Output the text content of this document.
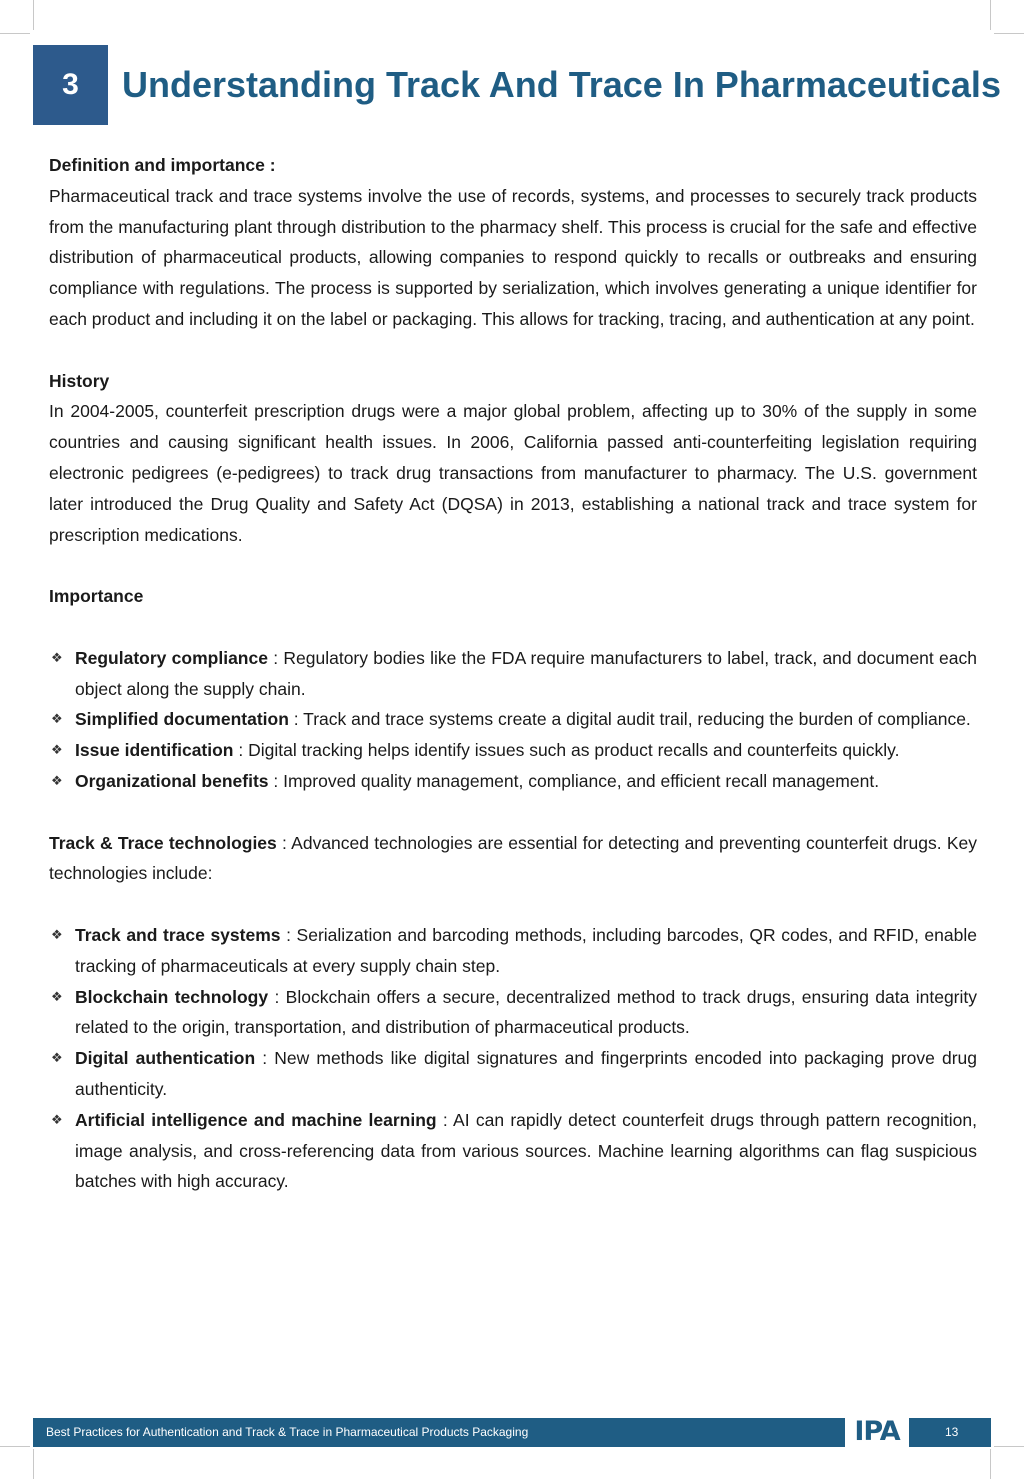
3	Understanding Track And Trace In Pharmaceuticals

Definition and importance :

Pharmaceutical track and trace systems involve the use of records, systems, and processes to securely track products from the manufacturing plant through distribution to the pharmacy shelf. This process is crucial for the safe and effective distribution of pharmaceutical products, allowing companies to respond quickly to recalls or outbreaks and ensuring compliance with regulations. The process is supported by serialization, which involves generating a unique identifier for each product and including it on the label or packaging. This allows for tracking, tracing, and authentication at any point.

History

In 2004-2005, counterfeit prescription drugs were a major global problem, affecting up to 30% of the supply in some countries and causing significant health issues. In 2006, California passed anti-counterfeiting legislation requiring electronic pedigrees (e-pedigrees) to track drug transactions from manufacturer to pharmacy. The U.S. government later introduced the Drug Quality and Safety Act (DQSA) in 2013, establishing a national track and trace system for prescription medications.

Importance

❖ Regulatory compliance : Regulatory bodies like the FDA require manufacturers to label, track, and document each object along the supply chain.
❖ Simplified documentation : Track and trace systems create a digital audit trail, reducing the burden of compliance.
❖ Issue identification : Digital tracking helps identify issues such as product recalls and counterfeits quickly.
❖ Organizational benefits : Improved quality management, compliance, and efficient recall management.

Track & Trace technologies : Advanced technologies are essential for detecting and preventing counterfeit drugs. Key technologies include:

❖ Track and trace systems : Serialization and barcoding methods, including barcodes, QR codes, and RFID, enable tracking of pharmaceuticals at every supply chain step.
❖ Blockchain technology : Blockchain offers a secure, decentralized method to track drugs, ensuring data integrity related to the origin, transportation, and distribution of pharmaceutical products.
❖ Digital authentication : New methods like digital signatures and fingerprints encoded into packaging prove drug authenticity.
❖ Artificial intelligence and machine learning : AI can rapidly detect counterfeit drugs through pattern recognition, image analysis, and cross-referencing data from various sources. Machine learning algorithms can flag suspicious batches with high accuracy.
Best Practices for Authentication and Track & Trace in Pharmaceutical Products Packaging	IPA	13
